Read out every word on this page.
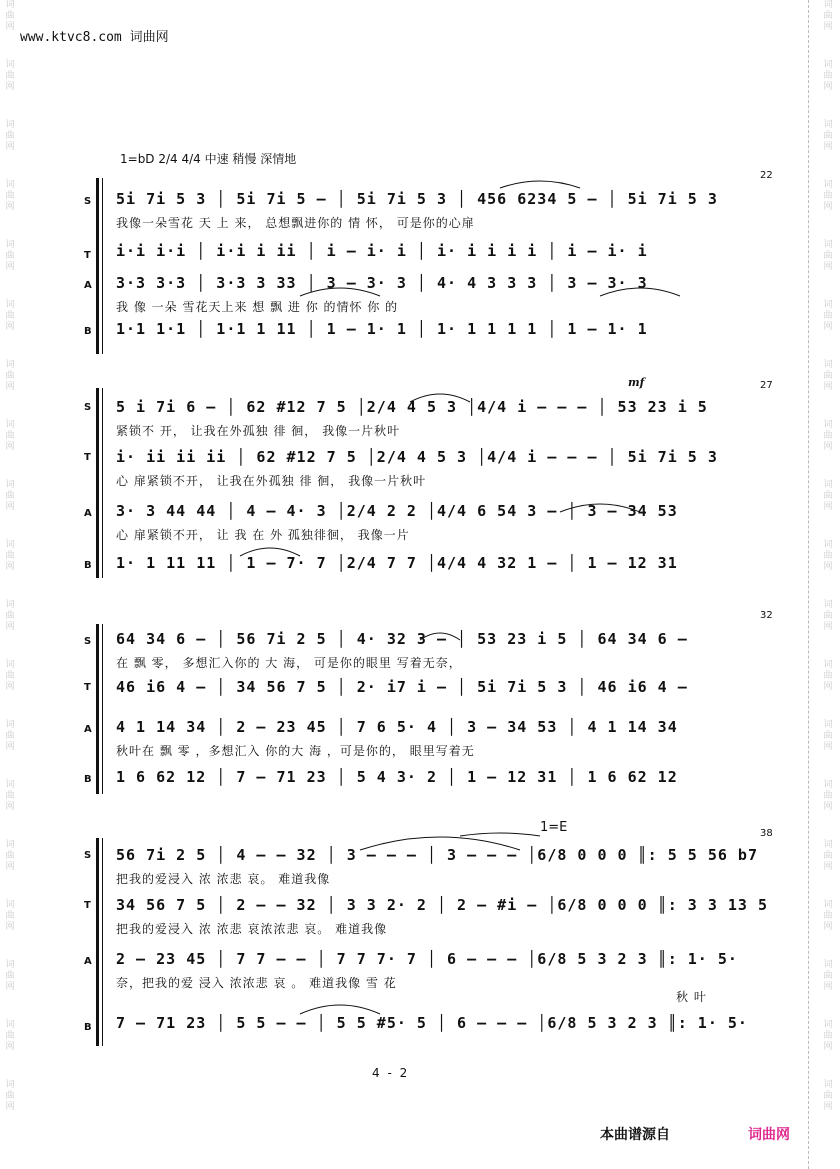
词
曲
网
词
曲
网
词
曲
网
词
曲
网
词
曲
网
词
曲
网
词
曲
网
词
曲
网
词
曲
网
词
曲
网
词
曲
网
词
曲
网
词
曲
网
词
曲
网
词
曲
网
词
曲
网
词
曲
网
词
曲
网
词
曲
网
词
曲
网
词
曲
网
词
曲
网
词
曲
网
词
曲
网
词
曲
网
词
曲
网
词
曲
网
词
曲
网
词
曲
网
词
曲
网
词
曲
网
词
曲
网
词
曲
网
词
曲
网
词
曲
网
词
曲
网
词
曲
网
词
曲
网
www.ktvc8.com 词曲网
1=bD 2/4 4/4 中速 稍慢 深情地
22
S
T
A
B
5i 7i 5 3 │ 5i 7i 5 – │ 5i 7i 5 3 │ 456 6234 5 – │ 5i 7i 5 3
我像一朵雪花 天 上 来， 总想飘进你的 情 怀， 可是你的心扉
i·i i·i │ i·i i ii │ i – i· i │ i· i i i i │ i – i· i
3·3 3·3 │ 3·3 3 33 │ 3 – 3· 3 │ 4· 4 3 3 3 │ 3 – 3· 3
我 像 一朵 雪花天上来 想 飘 进 你 的情怀 你 的
1·1 1·1 │ 1·1 1 11 │ 1 – 1· 1 │ 1· 1 1 1 1 │ 1 – 1· 1
27
mf
S
T
A
B
5 i 7i 6 – │ 62 #12 7 5 │2/4 4 5 3 │4/4 i – – – │ 53 23 i 5
紧锁不 开， 让我在外孤独 徘 徊， 我像一片秋叶
i· ii ii ii │ 62 #12 7 5 │2/4 4 5 3 │4/4 i – – – │ 5i 7i 5 3
心 扉紧锁不开， 让我在外孤独 徘 徊， 我像一片秋叶
3· 3 44 44 │ 4 – 4· 3 │2/4 2 2 │4/4 6 54 3 – │ 3 – 34 53
心 扉紧锁不开， 让 我 在 外 孤独徘徊， 我像一片
1· 1 11 11 │ 1 – 7· 7 │2/4 7 7 │4/4 4 32 1 – │ 1 – 12 31
32
S
T
A
B
64 34 6 – │ 56 7i 2 5 │ 4· 32 3 – │ 53 23 i 5 │ 64 34 6 –
在 飘 零， 多想汇入你的 大 海， 可是你的眼里 写着无奈，
46 i6 4 – │ 34 56 7 5 │ 2· i7 i – │ 5i 7i 5 3 │ 46 i6 4 –
4 1 14 34 │ 2 – 23 45 │ 7 6 5· 4 │ 3 – 34 53 │ 4 1 14 34
秋叶在 飘 零 ，多想汇入 你的大 海 ，可是你的， 眼里写着无
1 6 62 12 │ 7 – 71 23 │ 5 4 3· 2 │ 1 – 12 31 │ 1 6 62 12
38
1=E
S
T
A
B
56 7i 2 5 │ 4 – – 32 │ 3 – – – │ 3 – – – │6/8 0 0 0 ║: 5 5 56 b7
把我的爱浸入 浓 浓悲 哀。 难道我像
34 56 7 5 │ 2 – – 32 │ 3 3 2· 2 │ 2 – #i – │6/8 0 0 0 ║: 3 3 13 5
把我的爱浸入 浓 浓悲 哀浓浓悲 哀。 难道我像
2 – 23 45 │ 7 7 – – │ 7 7 7· 7 │ 6 – – – │6/8 5 3 2 3 ║: 1· 5·
奈，把我的爱 浸入 浓浓悲 哀 。 难道我像 雪 花
秋 叶
7 – 71 23 │ 5 5 – – │ 5 5 #5· 5 │ 6 – – – │6/8 5 3 2 3 ║: 1· 5·
4 - 2
本曲谱源自	词曲网
